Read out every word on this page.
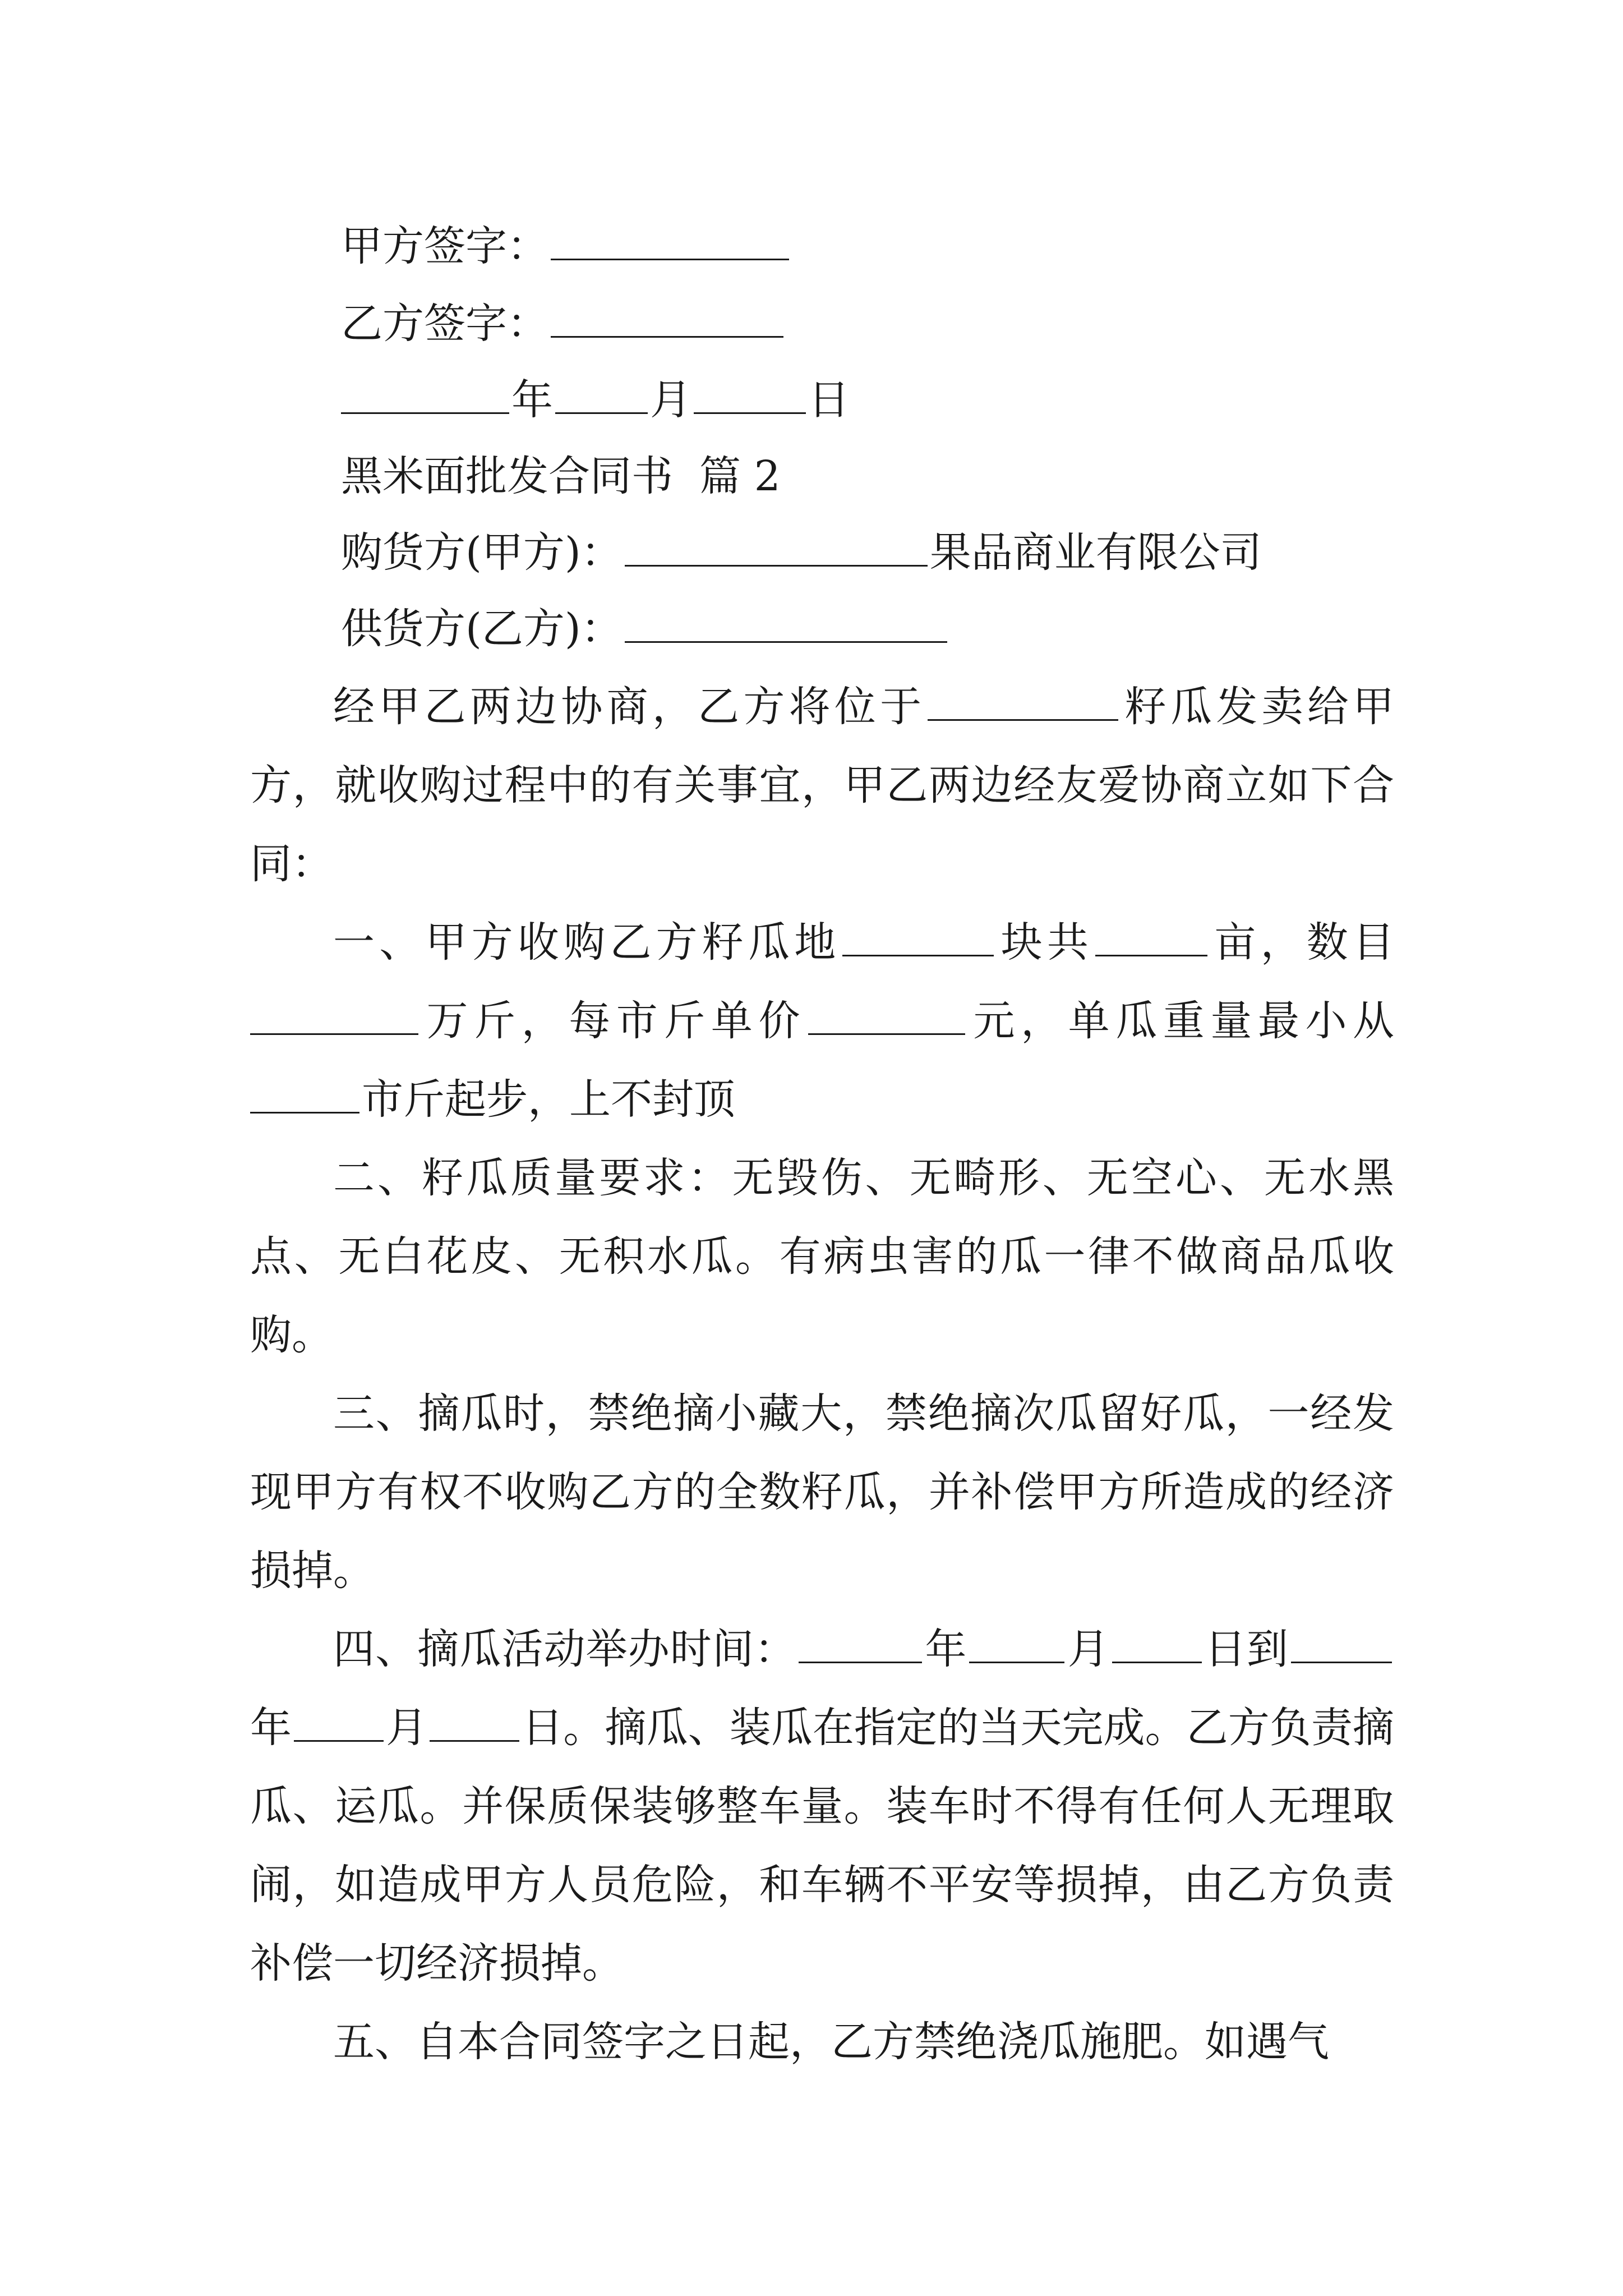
甲方签字：
乙方签字：
年 月	日
黑米面批发合同书 篇 2
购货方(甲方)：	果品商业有限公司
供货方(乙方)：
经甲乙两边协商，乙方将位于	籽瓜发卖给甲方，就收购过程中的有关事宜，甲乙两边经友爱协商立如下合同：
一、甲方收购乙方籽瓜地	块共	亩，数目万斤，每市斤单价	元，单瓜重量最小从市斤起步，上不封顶
二、籽瓜质量要求：无毁伤、无畸形、无空心、无水黑点、无白花皮、无积水瓜。有病虫害的瓜一律不做商品瓜收购。
三、摘瓜时，禁绝摘小藏大，禁绝摘次瓜留好瓜，一经发现甲方有权不收购乙方的全数籽瓜，并补偿甲方所造成的经济损掉。
四、摘瓜活动举办时间：	年 月 日到年 月 日。摘瓜、装瓜在指定的当天完成。乙方负责摘瓜、运瓜。并保质保装够整车量。装车时不得有任何人无理取闹，如造成甲方人员危险，和车辆不平安等损掉，由乙方负责补偿一切经济损掉。
五、自本合同签字之日起，乙方禁绝浇瓜施肥。如遇气
